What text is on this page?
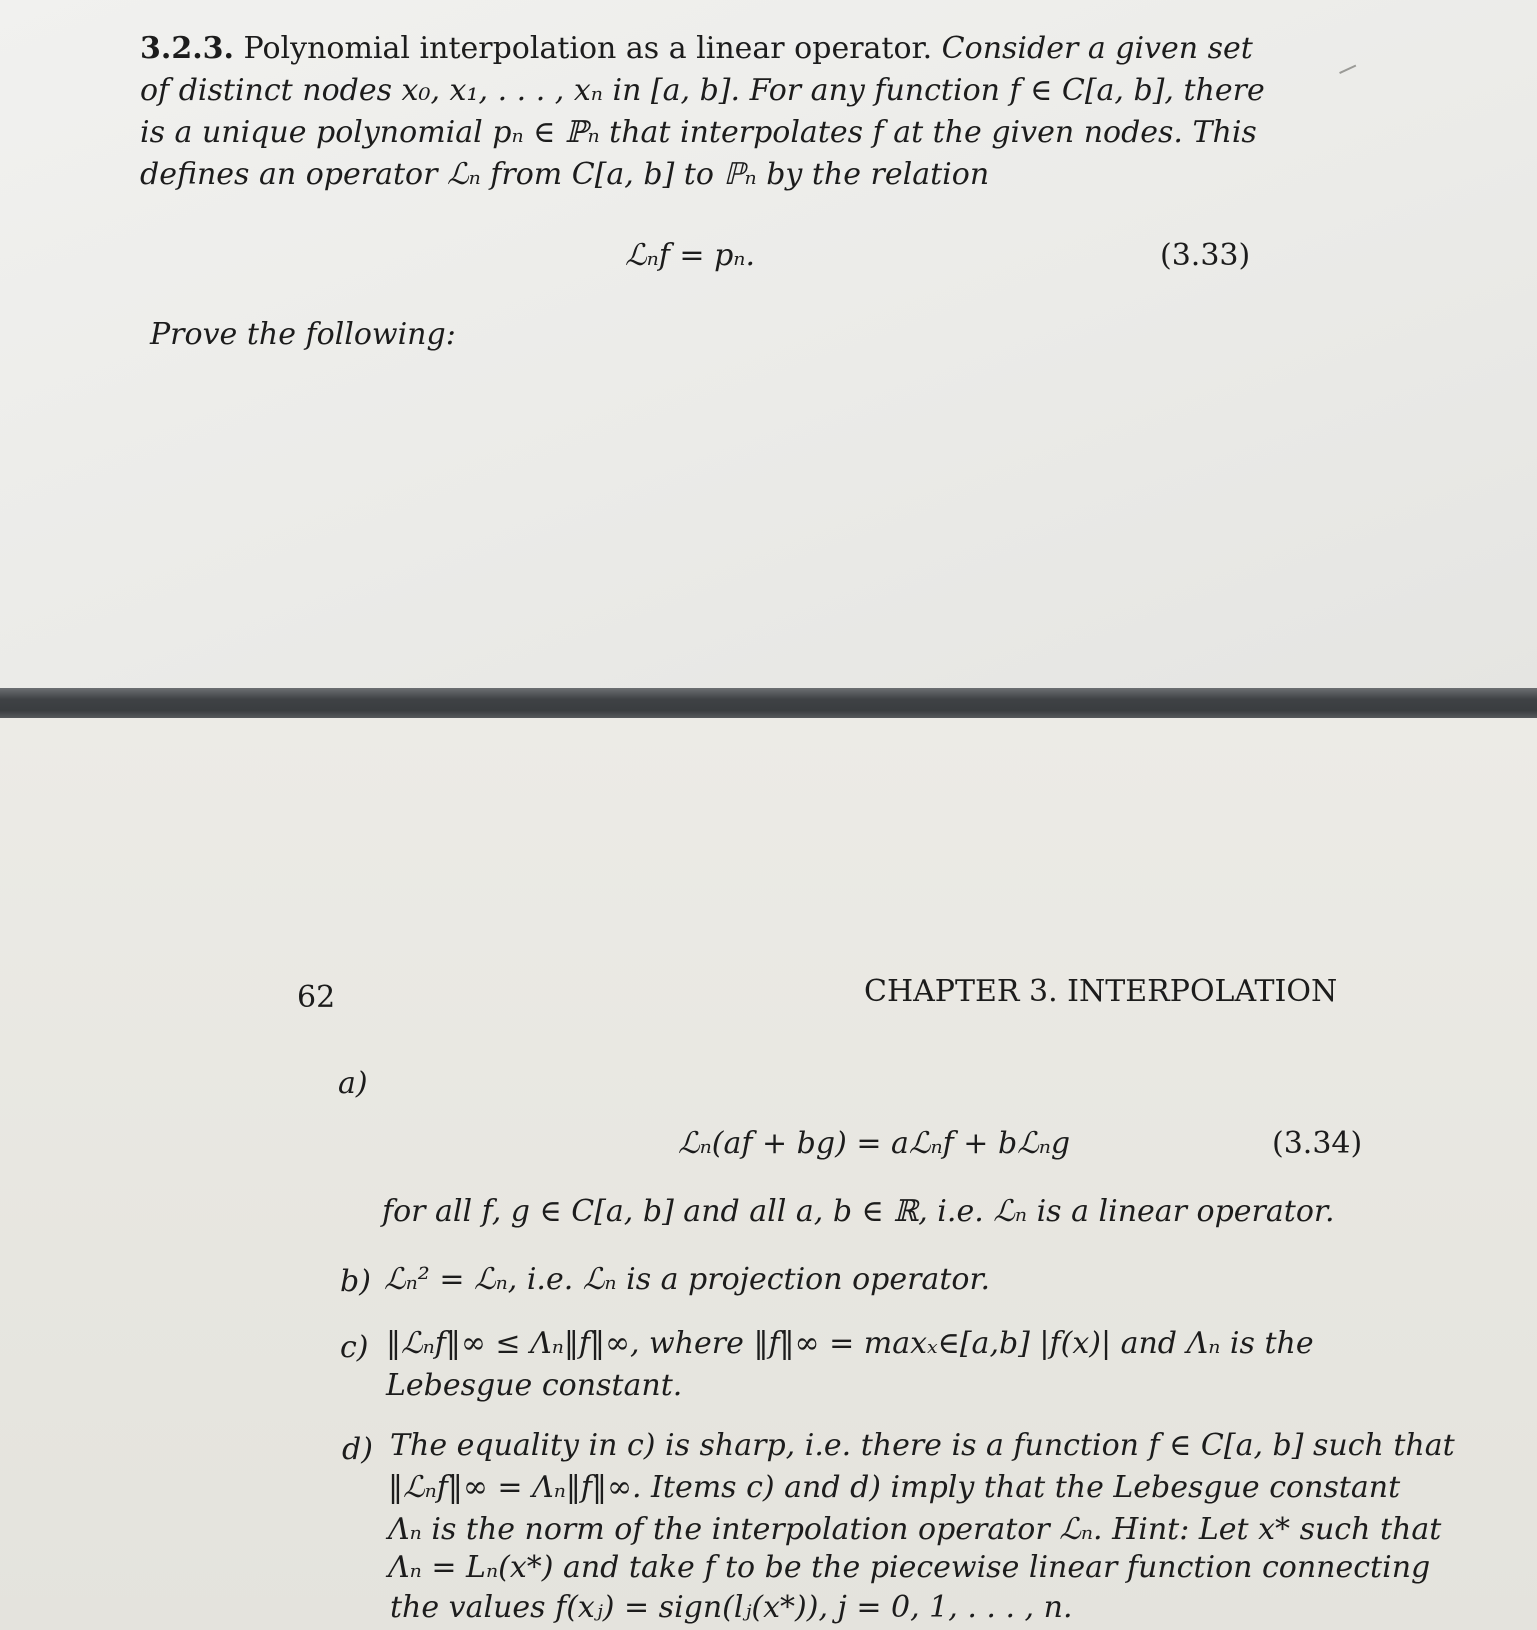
3.2.3. Polynomial interpolation as a linear operator. Consider a given set
of distinct nodes x₀, x₁, . . . , xₙ in [a, b]. For any function f ∈ C[a, b], there
is a unique polynomial pₙ ∈ ℙₙ that interpolates f at the given nodes. This
defines an operator ℒₙ from C[a, b] to ℙₙ by the relation
ℒₙf = pₙ.	(3.33)
Prove the following:
62	CHAPTER 3. INTERPOLATION
a)
ℒₙ(af + bg) = aℒₙf + bℒₙg	(3.34)
for all f, g ∈ C[a, b] and all a, b ∈ ℝ, i.e. ℒₙ is a linear operator.
b) ℒₙ² = ℒₙ, i.e. ℒₙ is a projection operator.
c) ‖ℒₙf‖∞ ≤ Λₙ‖f‖∞, where ‖f‖∞ = maxₓ∈[a,b] |f(x)| and Λₙ is the
Lebesgue constant.
d) The equality in c) is sharp, i.e. there is a function f ∈ C[a, b] such that
‖ℒₙf‖∞ = Λₙ‖f‖∞. Items c) and d) imply that the Lebesgue constant
Λₙ is the norm of the interpolation operator ℒₙ. Hint: Let x* such that
Λₙ = Lₙ(x*) and take f to be the piecewise linear function connecting
the values f(xⱼ) = sign(lⱼ(x*)), j = 0, 1, . . . , n.
